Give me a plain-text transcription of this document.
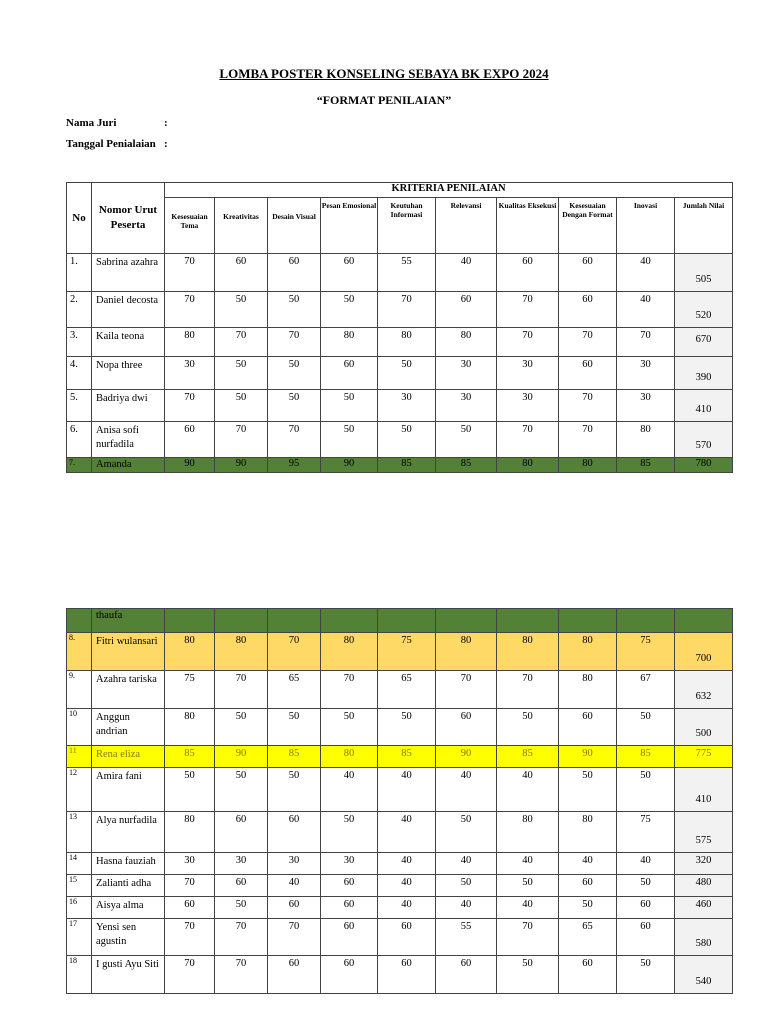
LOMBA POSTER KONSELING SEBAYA BK EXPO 2024
“FORMAT PENILAIAN”
Nama Juri	:
Tanggal Penialaian :
No	Nomor Urut Peserta	KRITERIA PENILAIAN									
		Kesesuaian Tema	Kreativitas	Desain Visual	Pesan Emosional	Keutuhan Informasi	Relevansi	Kualitas Eksekusi	Kesesuaian Dengan Format	Inovasi	Jumlah Nilai
1.	Sabrina azahra	70	60	60	60	55	40	60	60	40	505
2.	Daniel decosta	70	50	50	50	70	60	70	60	40	520
3.	Kaila teona	80	70	70	80	80	80	70	70	70	670
4.	Nopa three	30	50	50	60	50	30	30	60	30	390
5.	Badriya dwi	70	50	50	50	30	30	30	70	30	410
6.	Anisa sofi nurfadila	60	70	70	50	50	50	70	70	80	570
7.	Amanda	90	90	95	90	85	85	80	80	85	780
	thaufa										
8.	Fitri wulansari	80	80	70	80	75	80	80	80	75	700
9.	Azahra tariska	75	70	65	70	65	70	70	80	67	632
10	Anggun andrian	80	50	50	50	50	60	50	60	50	500
11	Rena eliza	85	90	85	80	85	90	85	90	85	775
12	Amira fani	50	50	50	40	40	40	40	50	50	410
13	Alya nurfadila	80	60	60	50	40	50	80	80	75	575
14	Hasna fauziah	30	30	30	30	40	40	40	40	40	320
15	Zalianti adha	70	60	40	60	40	50	50	60	50	480
16	Aisya alma	60	50	60	60	40	40	40	50	60	460
17	Yensi sen agustin	70	70	70	60	60	55	70	65	60	580
18	I gusti Ayu Siti	70	70	60	60	60	60	50	60	50	540
